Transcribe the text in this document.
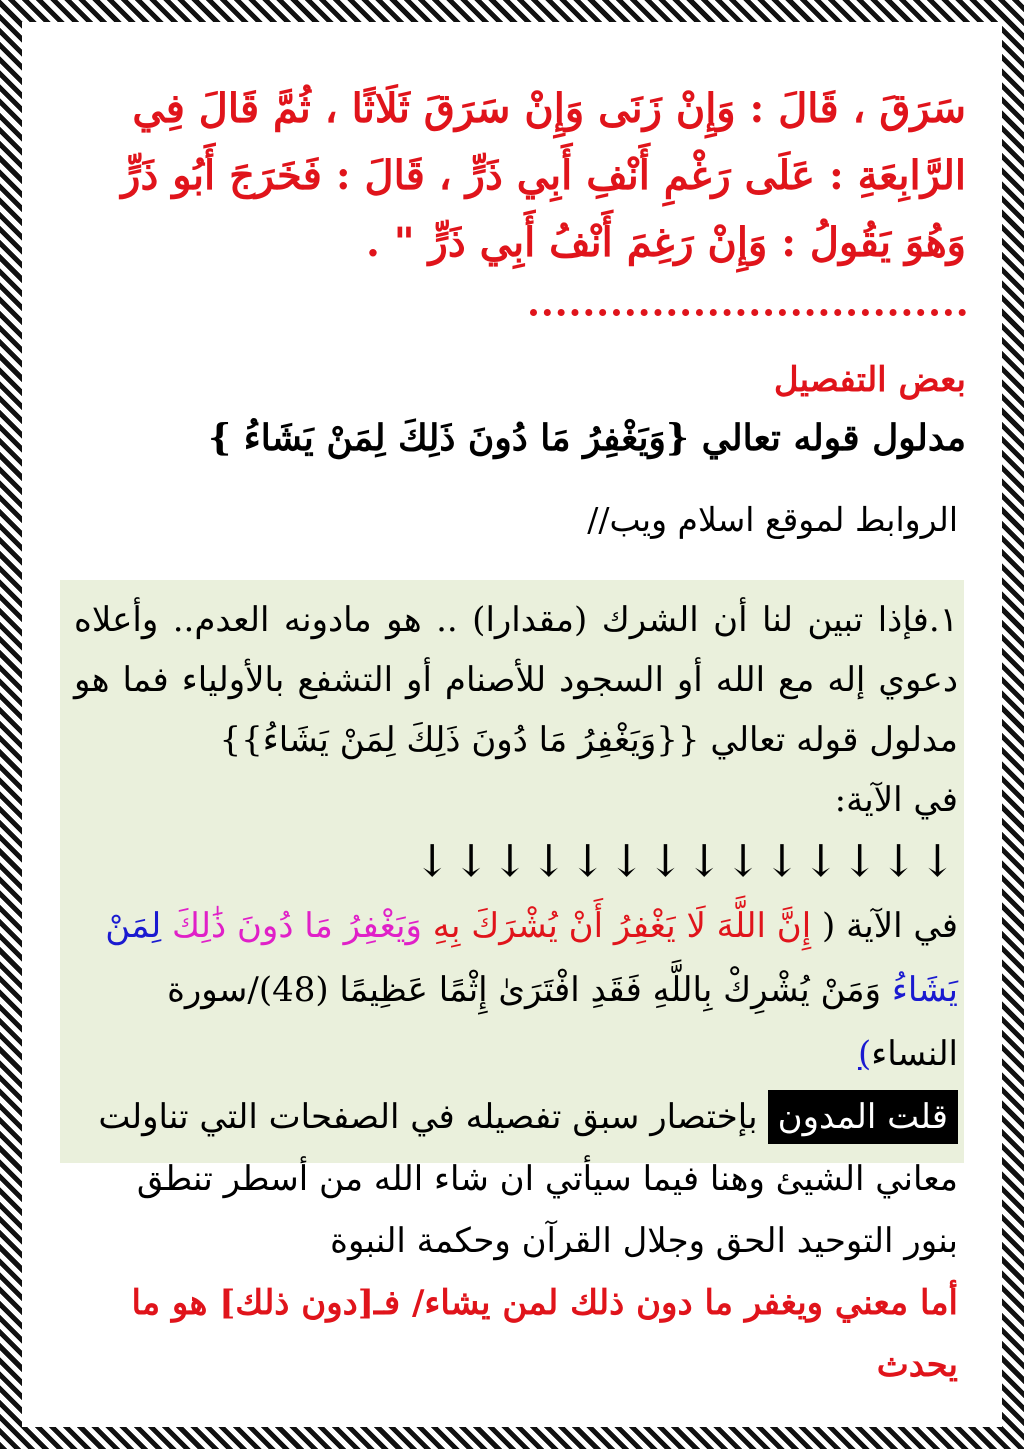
سَرَقَ ، قَالَ : وَإِنْ زَنَى وَإِنْ سَرَقَ ثَلَاثًا ، ثُمَّ قَالَ فِي الرَّابِعَةِ : عَلَى رَغْمِ أَنْفِ أَبِي ذَرٍّ ، قَالَ : فَخَرَجَ أَبُو ذَرٍّ وَهُوَ يَقُولُ : وَإِنْ رَغِمَ أَنْفُ أَبِي ذَرٍّ " .
بعض التفصيل
مدلول قوله تعالي {وَيَغْفِرُ مَا دُونَ ذَلِكَ لِمَنْ يَشَاءُ }
الروابط لموقع اسلام ويب//
١.فإذا تبين لنا أن الشرك (مقدارا) .. هو مادونه العدم.. وأعلاه دعوي إله مع الله أو السجود للأصنام أو التشفع بالأولياء فما هو مدلول قوله تعالي {{وَيَغْفِرُ مَا دُونَ ذَلِكَ لِمَنْ يَشَاءُ}}
في الآية:
↓↓↓↓↓↓↓↓↓↓↓↓↓↓
في الآية ( إِنَّ اللَّهَ لَا يَغْفِرُ أَنْ يُشْرَكَ بِهِ وَيَغْفِرُ مَا دُونَ ذَٰلِكَ لِمَنْ يَشَاءُ وَمَنْ يُشْرِكْ بِاللَّهِ فَقَدِ افْتَرَىٰ إِثْمًا عَظِيمًا (48)/سورة النساء)
قلت المدونبإختصار سبق تفصيله في الصفحات التي تناولت معاني الشيئ وهنا فيما سيأتي ان شاء الله من أسطر تنطق بنور التوحيد الحق وجلال القرآن وحكمة النبوة
أما معني ويغفر ما دون ذلك لمن يشاء/ فـ[دون ذلك] هو ما يحدث
